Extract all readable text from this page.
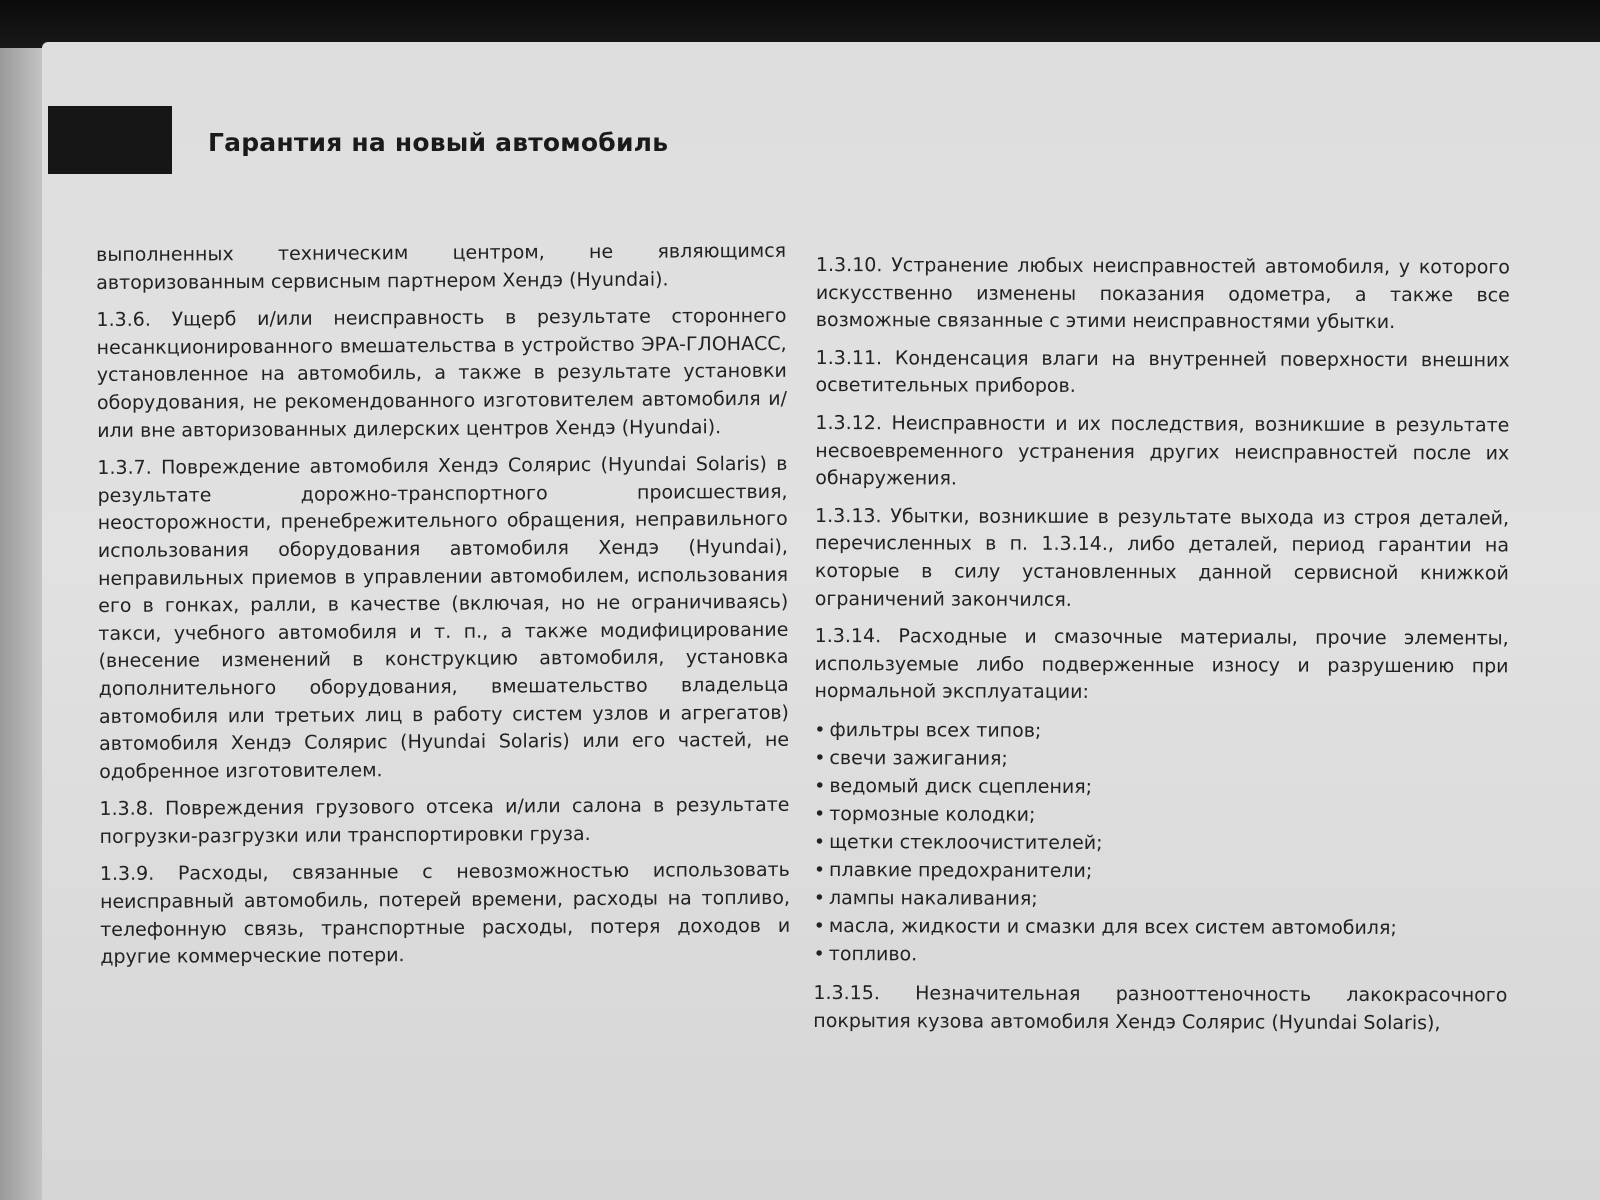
Гарантия на новый автомобиль

выполненных техническим центром, не являющимся авторизованным сервисным партнером Хендэ (Hyundai).

1.3.6. Ущерб и/или неисправность в результате стороннего несанкционированного вмешательства в устройство ЭРА-ГЛОНАСС, установленное на автомобиль, а также в результате установки оборудования, не рекомендованного изготовителем автомобиля и/или вне авторизованных дилерских центров Хендэ (Hyundai).

1.3.7. Повреждение автомобиля Хендэ Солярис (Hyundai Solaris) в результате дорожно-транспортного происшествия, неосторожности, пренебрежительного обращения, неправильного использования оборудования автомобиля Хендэ (Hyundai), неправильных приемов в управлении автомобилем, использования его в гонках, ралли, в качестве (включая, но не ограничиваясь) такси, учебного автомобиля и т. п., а также модифицирование (внесение изменений в конструкцию автомобиля, установка дополнительного оборудования, вмешательство владельца автомобиля или третьих лиц в работу систем узлов и агрегатов) автомобиля Хендэ Солярис (Hyundai Solaris) или его частей, не одобренное изготовителем.

1.3.8. Повреждения грузового отсека и/или салона в результате погрузки-разгрузки или транспортировки груза.

1.3.9. Расходы, связанные с невозможностью использовать неисправный автомобиль, потерей времени, расходы на топливо, телефонную связь, транспортные расходы, потеря доходов и другие коммерческие потери.

1.3.10. Устранение любых неисправностей автомобиля, у которого искусственно изменены показания одометра, а также все возможные связанные с этими неисправностями убытки.

1.3.11. Конденсация влаги на внутренней поверхности внешних осветительных приборов.

1.3.12. Неисправности и их последствия, возникшие в результате несвоевременного устранения других неисправностей после их обнаружения.

1.3.13. Убытки, возникшие в результате выхода из строя деталей, перечисленных в п. 1.3.14., либо деталей, период гарантии на которые в силу установленных данной сервисной книжкой ограничений закончился.

1.3.14. Расходные и смазочные материалы, прочие элементы, используемые либо подверженные износу и разрушению при нормальной эксплуатации:

• фильтры всех типов;
• свечи зажигания;
• ведомый диск сцепления;
• тормозные колодки;
• щетки стеклоочистителей;
• плавкие предохранители;
• лампы накаливания;
• масла, жидкости и смазки для всех систем автомобиля;
• топливо.

1.3.15. Незначительная разнооттеночность лакокрасочного покрытия кузова автомобиля Хендэ Солярис (Hyundai Solaris),
